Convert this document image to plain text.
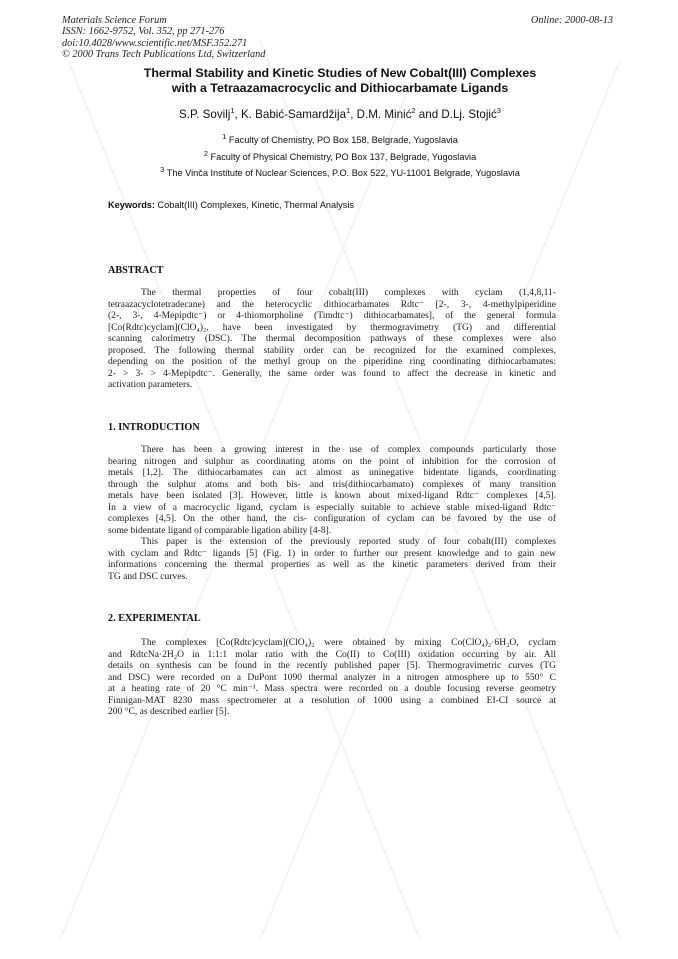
Materials Science Forum
ISSN: 1662-9752, Vol. 352, pp 271-276
doi:10.4028/www.scientific.net/MSF.352.271
© 2000 Trans Tech Publications Ltd, Switzerland
Online: 2000-08-13
Thermal Stability and Kinetic Studies of New Cobalt(III) Complexes
with a Tetraazamacrocyclic and Dithiocarbamate Ligands
S.P. Sovilj$^1$, K. Babić-Samardžija$^1$, D.M. Minić$^2$ and D.Lj. Stojić$^3$
$^1$ Faculty of Chemistry, PO Box 158, Belgrade, Yugoslavia
$^2$ Faculty of Physical Chemistry, PO Box 137, Belgrade, Yugoslavia
$^3$ The Vinča Institute of Nuclear Sciences, P.O. Box 522, YU-11001 Belgrade, Yugoslavia
Keywords: Cobalt(III) Complexes, Kinetic, Thermal Analysis
ABSTRACT
The thermal properties of four cobalt(III) complexes with cyclam (1,4,8,11-
tetraazacyclotetradecane) and the heterocyclic dithiocarbamates Rdtc⁻ [2-, 3-, 4-methylpiperidine
(2-, 3-, 4-Mepipdtc⁻) or 4-thiomorpholine (Timdtc⁻) dithiocarbamates], of the general formula
[Co(Rdtc)cyclam](ClO₄)₂, have been investigated by thermogravimetry (TG) and differential
scanning calorimetry (DSC). The thermal decomposition pathways of these complexes were also
proposed. The following thermal stability order can be recognized for the examined complexes,
depending on the position of the methyl group on the piperidine ring coordinating dithiocarbamates:
2- > 3- > 4-Mepipdtc⁻. Generally, the same order was found to affect the decrease in kinetic and
activation parameters.
1. INTRODUCTION
There has been a growing interest in the use of complex compounds particularly those
bearing nitrogen and sulphur as coordinating atoms on the point of inhibition for the corrosion of
metals [1,2]. The dithiocarbamates can act almost as uninegative bidentate ligands, coordinating
through the sulphur atoms and both bis- and tris(dithiocarbamato) complexes of many transition
metals have been isolated [3]. However, little is known about mixed-ligand Rdtc⁻ complexes [4,5].
In a view of a macrocyclic ligand, cyclam is especially suitable to achieve stable mixed-ligand Rdtc⁻
complexes [4,5]. On the other hand, the cis- configuration of cyclam can be favored by the use of
some bidentate ligand of comparable ligation ability [4-8].
This paper is the extension of the previously reported study of four cobalt(III) complexes
with cyclam and Rdtc⁻ ligands [5] (Fig. 1) in order to further our present knowledge and to gain new
informations concerning the thermal properties as well as the kinetic parameters derived from their
TG and DSC curves.
2. EXPERIMENTAL
The complexes [Co(Rdtc)cyclam](ClO₄)₂ were obtained by mixing Co(ClO₄)₂·6H₂O, cyclam
and RdtcNa·2H₂O in 1:1:1 molar ratio with the Co(II) to Co(III) oxidation occurring by air. All
details on synthesis can be found in the recently published paper [5]. Thermogravimetric curves (TG
and DSC) were recorded on a DuPont 1090 thermal analyzer in a nitrogen atmosphere up to 550° C
at a heating rate of 20 °C min⁻¹. Mass spectra were recorded on a double focusing reverse geometry
Finnigan-MAT 8230 mass spectrometer at a resolution of 1000 using a combined EI-CI source at
200 °C, as described earlier [5].
